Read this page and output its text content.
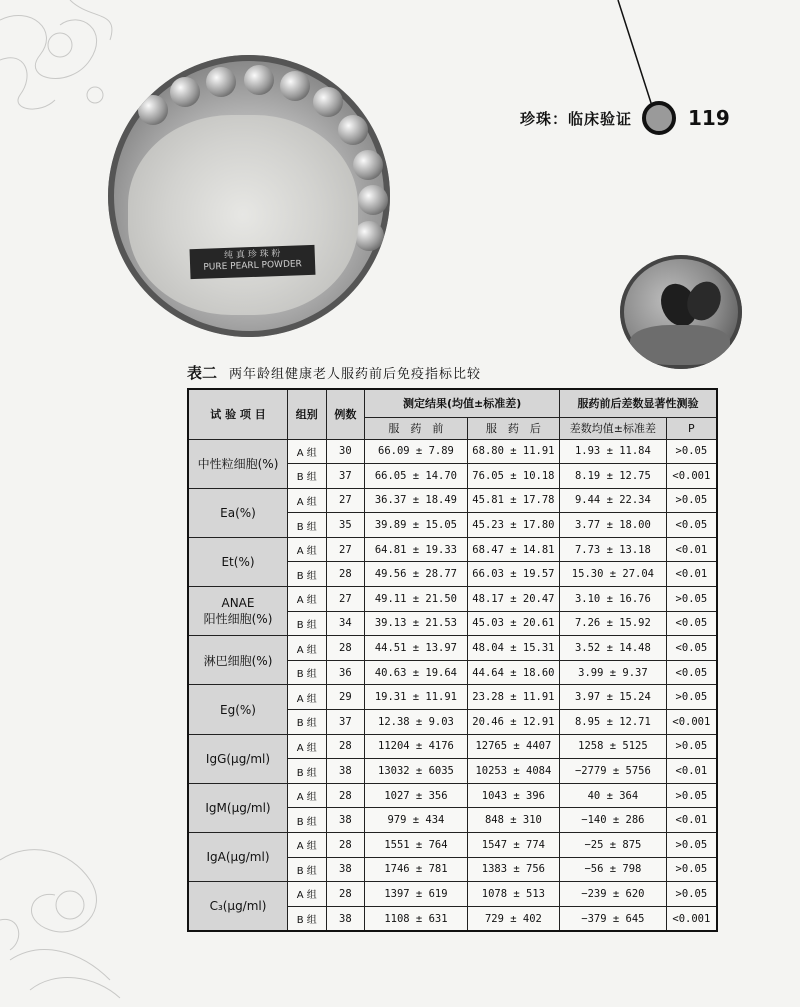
珍珠：临床验证	119
纯 真 珍 珠 粉
PURE PEARL POWDER
表二 两年龄组健康老人服药前后免疫指标比较
试 验 项 目	组别	例数	测定结果(均值±标准差)		服药前后差数显著性测验	
			服　药　前	服　药　后	差数均值±标准差	P
中性粒细胞(%)	A 组	30	66.09 ± 7.89	68.80 ± 11.91	1.93 ± 11.84	>0.05
	B 组	37	66.05 ± 14.70	76.05 ± 10.18	8.19 ± 12.75	<0.001
Ea(%)	A 组	27	36.37 ± 18.49	45.81 ± 17.78	9.44 ± 22.34	>0.05
	B 组	35	39.89 ± 15.05	45.23 ± 17.80	3.77 ± 18.00	<0.05
Et(%)	A 组	27	64.81 ± 19.33	68.47 ± 14.81	7.73 ± 13.18	<0.01
	B 组	28	49.56 ± 28.77	66.03 ± 19.57	15.30 ± 27.04	<0.01
ANAE
阳性细胞(%)	A 组	27	49.11 ± 21.50	48.17 ± 20.47	3.10 ± 16.76	>0.05
	B 组	34	39.13 ± 21.53	45.03 ± 20.61	7.26 ± 15.92	<0.05
淋巴细胞(%)	A 组	28	44.51 ± 13.97	48.04 ± 15.31	3.52 ± 14.48	<0.05
	B 组	36	40.63 ± 19.64	44.64 ± 18.60	3.99 ± 9.37	<0.05
Eg(%)	A 组	29	19.31 ± 11.91	23.28 ± 11.91	3.97 ± 15.24	>0.05
	B 组	37	12.38 ± 9.03	20.46 ± 12.91	8.95 ± 12.71	<0.001
IgG(μg/ml)	A 组	28	11204 ± 4176	12765 ± 4407	1258 ± 5125	>0.05
	B 组	38	13032 ± 6035	10253 ± 4084	−2779 ± 5756	<0.01
IgM(μg/ml)	A 组	28	1027 ± 356	1043 ± 396	40 ± 364	>0.05
	B 组	38	979 ± 434	848 ± 310	−140 ± 286	<0.01
IgA(μg/ml)	A 组	28	1551 ± 764	1547 ± 774	−25 ± 875	>0.05
	B 组	38	1746 ± 781	1383 ± 756	−56 ± 798	>0.05
C₃(μg/ml)	A 组	28	1397 ± 619	1078 ± 513	−239 ± 620	>0.05
	B 组	38	1108 ± 631	729 ± 402	−379 ± 645	<0.001
